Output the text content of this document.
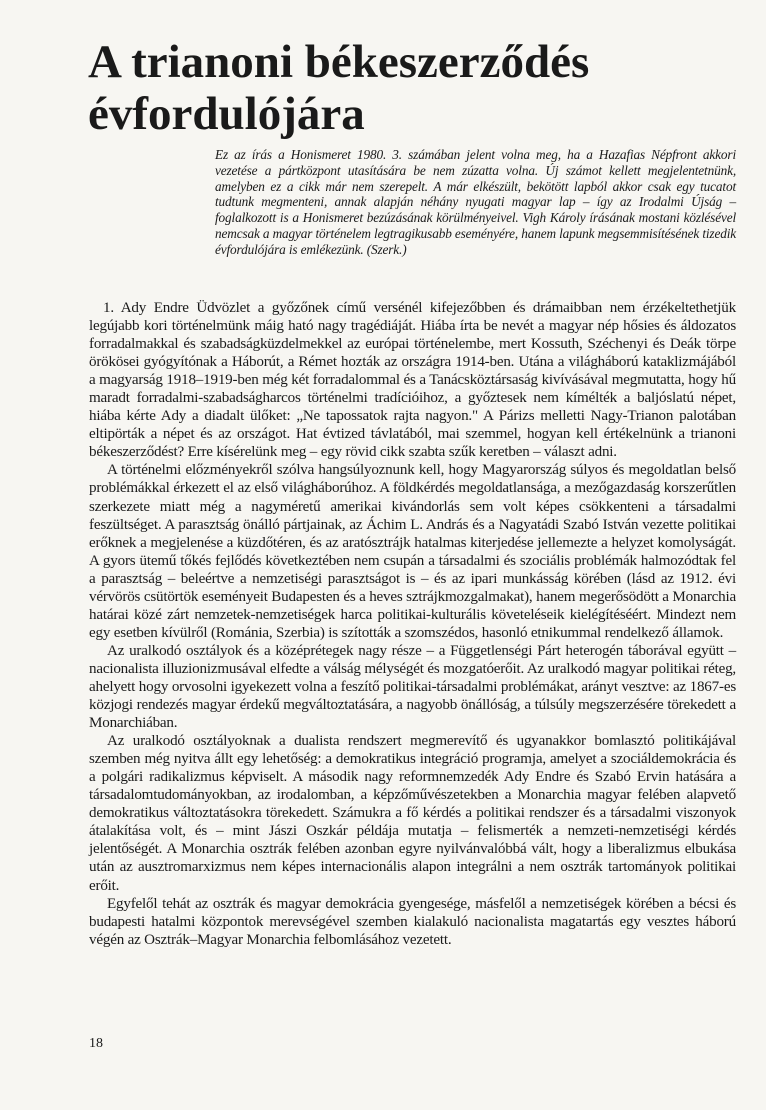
A trianoni békeszerződés
évfordulójára

Ez az írás a Honismeret 1980. 3. számában jelent volna meg, ha a Hazafias Népfront akkori vezetése a pártközpont utasítására be nem zúzatta volna. Új számot kellett megjelentetnünk, amelyben ez a cikk már nem szerepelt. A már elkészült, bekötött lapból akkor csak egy tucatot tudtunk megmenteni, annak alapján néhány nyugati magyar lap – így az Irodalmi Újság – foglalkozott is a Honismeret bezúzásának körülményeivel. Vigh Károly írásának mostani közlésével nemcsak a magyar történelem legtragikusabb eseményére, hanem lapunk megsemmisítésének tizedik évfordulójára is emlékezünk. (Szerk.)

1. Ady Endre Üdvözlet a győzőnek című versénél kifejezőbben és drámaibban nem érzékeltethetjük legújabb kori történelmünk máig ható nagy tragédiáját. Hiába írta be nevét a magyar nép hősies és áldozatos forradalmakkal és szabadságküzdelmekkel az európai történelembe, mert Kossuth, Széchenyi és Deák törpe örökösei gyógyítónak a Háborút, a Rémet hozták az országra 1914-ben. Utána a világháború kataklizmájából a magyarság 1918–1919-ben még két forradalommal és a Tanácsköztársaság kivívásával megmutatta, hogy hű maradt forradalmi-szabadságharcos történelmi tradícióihoz, a győztesek nem kímélték a baljóslatú népet, hiába kérte Ady a diadalt ülőket: „Ne tapossatok rajta nagyon." A Párizs melletti Nagy-Trianon palotában eltipörták a népet és az országot. Hat évtized távlatából, mai szemmel, hogyan kell értékelnünk a trianoni békeszerződést? Erre kísérelünk meg – egy rövid cikk szabta szűk keretben – választ adni.

A történelmi előzményekről szólva hangsúlyoznunk kell, hogy Magyarország súlyos és megoldatlan belső problémákkal érkezett el az első világháborúhoz. A földkérdés megoldatlansága, a mezőgazdaság korszerűtlen szerkezete miatt még a nagyméretű amerikai kivándorlás sem volt képes csökkenteni a társadalmi feszültséget. A parasztság önálló pártjainak, az Áchim L. András és a Nagyatádi Szabó István vezette politikai erőknek a megjelenése a küzdőtéren, és az aratósztrájk hatalmas kiterjedése jellemezte a helyzet komolyságát. A gyors ütemű tőkés fejlődés következtében nem csupán a társadalmi és szociális problémák halmozódtak fel a parasztság – beleértve a nemzetiségi parasztságot is – és az ipari munkásság körében (lásd az 1912. évi vérvörös csütörtök eseményeit Budapesten és a heves sztrájkmozgalmakat), hanem megerősödött a Monarchia határai közé zárt nemzetek-nemzetiségek harca politikai-kulturális követeléseik kielégítéséért. Mindezt nem egy esetben kívülről (Románia, Szerbia) is szították a szomszédos, hasonló etnikummal rendelkező államok.

Az uralkodó osztályok és a középrétegek nagy része – a Függetlenségi Párt heterogén táborával együtt – nacionalista illuzionizmusával elfedte a válság mélységét és mozgatóerőit. Az uralkodó magyar politikai réteg, ahelyett hogy orvosolni igyekezett volna a feszítő politikai-társadalmi problémákat, arányt vesztve: az 1867-es közjogi rendezés magyar érdekű megváltoztatására, a nagyobb önállóság, a túlsúly megszerzésére törekedett a Monarchiában.

Az uralkodó osztályoknak a dualista rendszert megmerevítő és ugyanakkor bomlasztó politikájával szemben még nyitva állt egy lehetőség: a demokratikus integráció programja, amelyet a szociáldemokrácia és a polgári radikalizmus képviselt. A második nagy reformnemzedék Ady Endre és Szabó Ervin hatására a társadalomtudományokban, az irodalomban, a képzőművészetekben a Monarchia magyar felében alapvető demokratikus változtatásokra törekedett. Számukra a fő kérdés a politikai rendszer és a társadalmi viszonyok átalakítása volt, és – mint Jászi Oszkár példája mutatja – felismerték a nemzeti-nemzetiségi kérdés jelentőségét. A Monarchia osztrák felében azonban egyre nyilvánvalóbbá vált, hogy a liberalizmus elbukása után az ausztromarxizmus nem képes internacionális alapon integrálni a nem osztrák tartományok politikai erőit.

Egyfelől tehát az osztrák és magyar demokrácia gyengesége, másfelől a nemzetiségek körében a bécsi és budapesti hatalmi központok merevségével szemben kialakuló nacionalista magatartás egy vesztes háború végén az Osztrák–Magyar Monarchia felbomlásához vezetett.

18
